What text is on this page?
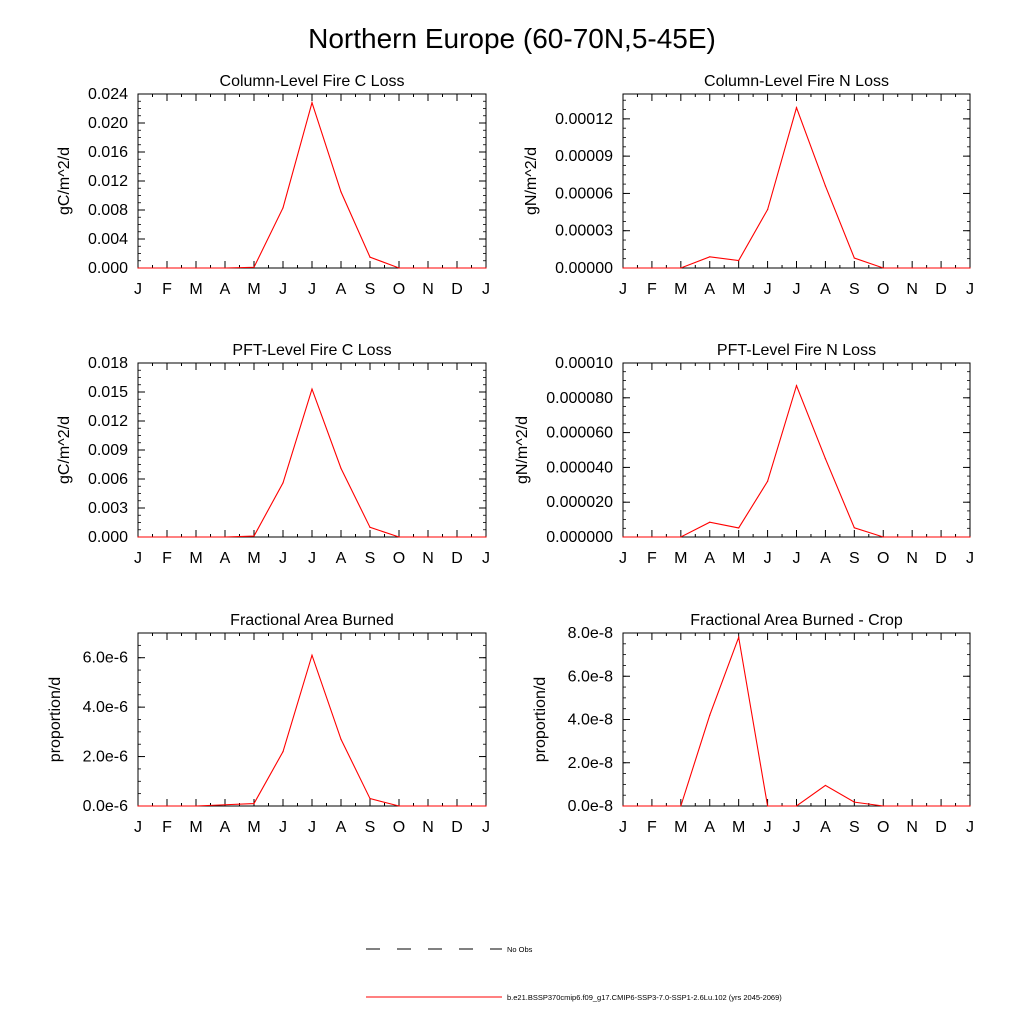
Northern Europe (60-70N,5-45E)
Column-Level Fire C Loss
J F M A M J J A S O N D J
0.000
0.004
0.008
0.012
0.016
0.020
0.024
gC/m^2/d
Column-Level Fire N Loss
J F M A M J J A S O N D J
0.00000
0.00003
0.00006
0.00009
0.00012
gN/m^2/d
PFT-Level Fire C Loss
J F M A M J J A S O N D J
0.000
0.003
0.006
0.009
0.012
0.015
0.018
gC/m^2/d
PFT-Level Fire N Loss
J F M A M J J A S O N D J
0.000000
0.000020
0.000040
0.000060
0.000080
0.00010
gN/m^2/d
Fractional Area Burned
J F M A M J J A S O N D J
0.0e-6
2.0e-6
4.0e-6
6.0e-6
proportion/d
Fractional Area Burned - Crop
J F M A M J J A S O N D J
0.0e-8
2.0e-8
4.0e-8
6.0e-8
8.0e-8
proportion/d
No Obs
b.e21.BSSP370cmip6.f09_g17.CMIP6-SSP3-7.0-SSP1-2.6Lu.102 (yrs 2045-2069)
